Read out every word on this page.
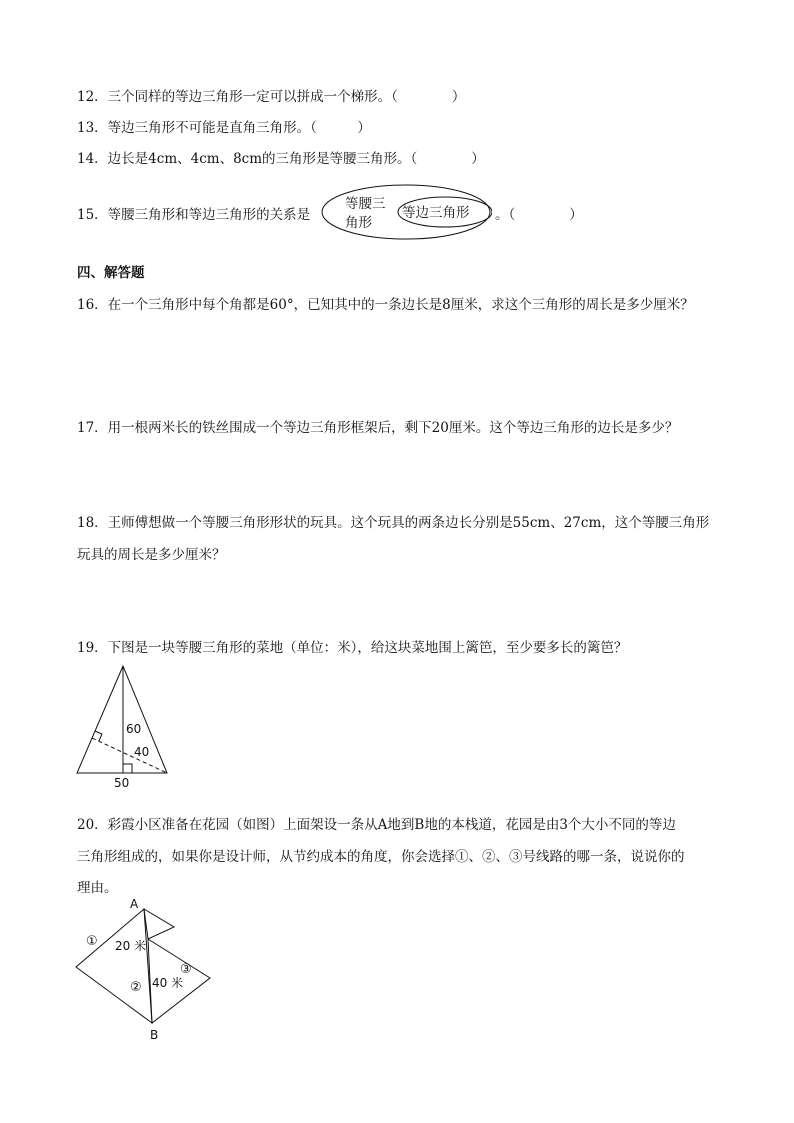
12．三个同样的等边三角形一定可以拼成一个梯形。（　　　　）
13．等边三角形不可能是直角三角形。（　　　）
14．边长是4cm、4cm、8cm的三角形是等腰三角形。（　　　　）
15．等腰三角形和等边三角形的关系是
等腰三
角形
等边三角形 。（　　　　）
四、解答题
16．在一个三角形中每个角都是60°，已知其中的一条边长是8厘米，求这个三角形的周长是多少厘米？
17．用一根两米长的铁丝围成一个等边三角形框架后，剩下20厘米。这个等边三角形的边长是多少？
18．王师傅想做一个等腰三角形形状的玩具。这个玩具的两条边长分别是55cm、27cm，这个等腰三角形
玩具的周长是多少厘米？
19．下图是一块等腰三角形的菜地（单位：米），给这块菜地围上篱笆，至少要多长的篱笆？
60
40
50
20．彩霞小区准备在花园（如图）上面架设一条从A地到B地的本栈道，花园是由3个大小不同的等边
三角形组成的，如果你是设计师，从节约成本的角度，你会选择①、②、③号线路的哪一条，说说你的
理由。
A
B
①
②
③
20 米
40 米
